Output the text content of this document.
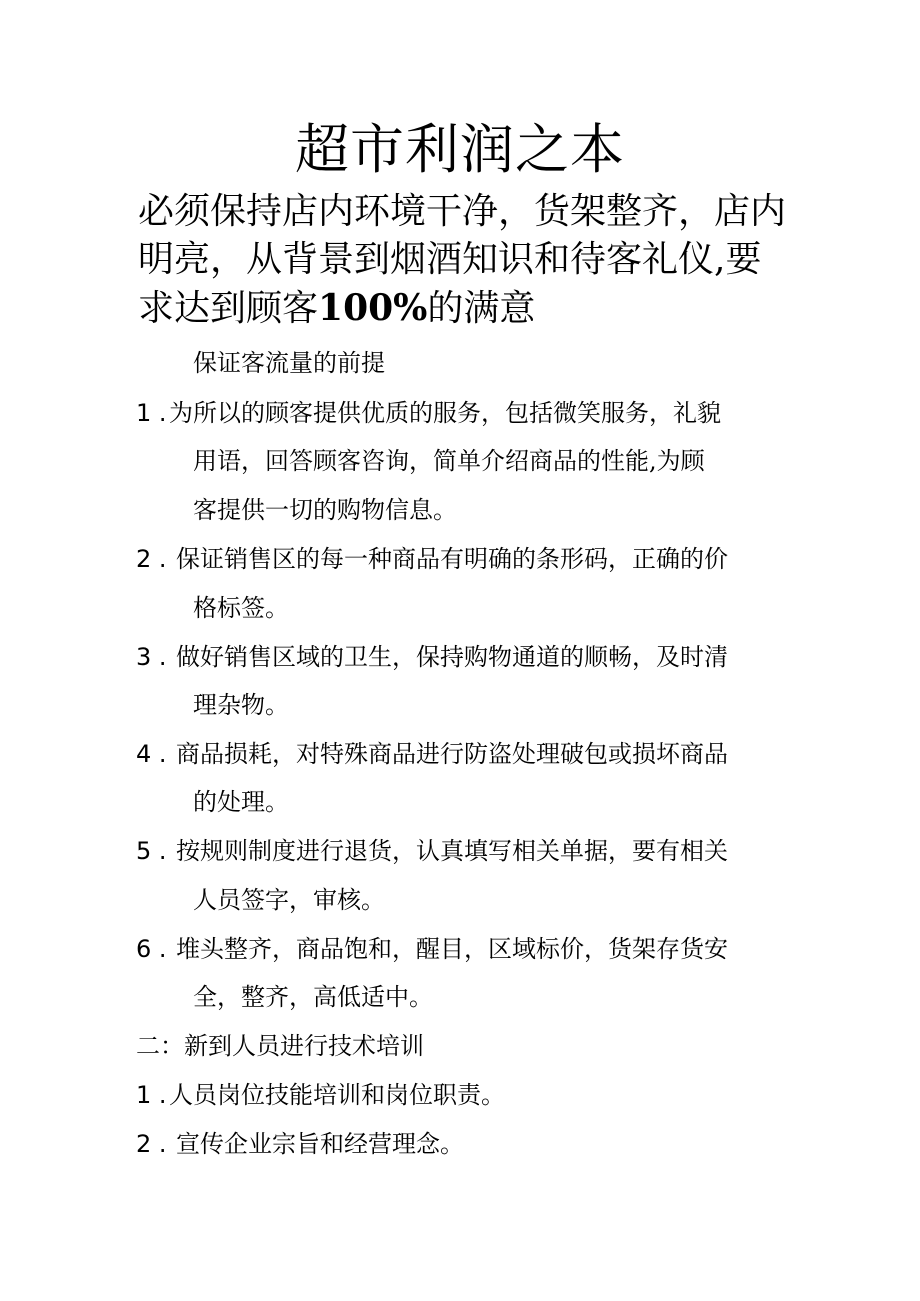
超市利润之本
必须保持店内环境干净，货架整齐，店内
明亮，从背景到烟酒知识和待客礼仪,要
求达到顾客100%的满意
保证客流量的前提
1 . 为所以的顾客提供优质的服务，包括微笑服务，礼貌
用语，回答顾客咨询，简单介绍商品的性能,为顾
客提供一切的购物信息。
2 . 保证销售区的每一种商品有明确的条形码，正确的价
格标签。
3 . 做好销售区域的卫生，保持购物通道的顺畅，及时清
理杂物。
4 . 商品损耗，对特殊商品进行防盗处理破包或损坏商品
的处理。
5 . 按规则制度进行退货，认真填写相关单据，要有相关
人员签字，审核。
6 . 堆头整齐，商品饱和，醒目，区域标价，货架存货安
全，整齐，高低适中。
二：新到人员进行技术培训
1 . 人员岗位技能培训和岗位职责。
2 . 宣传企业宗旨和经营理念。
